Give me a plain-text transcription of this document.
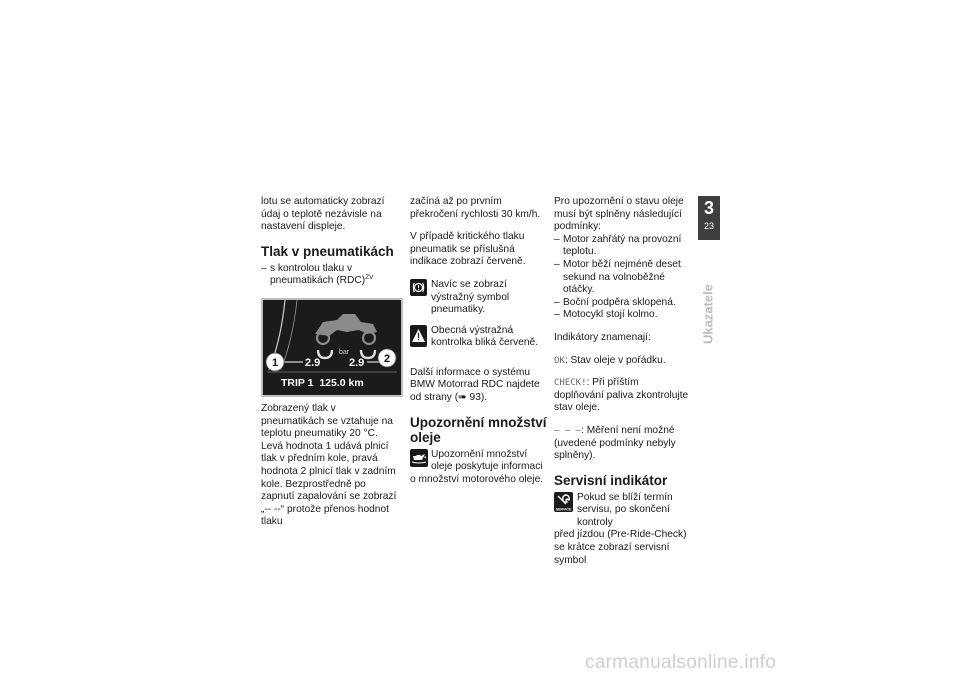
lotu se automaticky zobrazí údaj o teplotě nezávisle na nastavení displeje.

Tlak v pneumatikách
– s kontrolou tlaku v pneumatikách (RDC)$^{ZV}$
bar
2.9	2.9
1	2
TRIP 1  125.0 km

Zobrazený tlak v pneumatikách se vztahuje na teplotu pneumatiky 20 °C. Levá hodnota 1 udává plnicí tlak v předním kole, pravá hodnota 2 plnicí tlak v zadním kole. Bezprostředně po zapnutí zapalování se zobrazí „-- --“ protože přenos hodnot tlaku

začíná až po prvním překročení rychlosti 30 km/h.

V případě kritického tlaku pneumatik se příslušná indikace zobrazí červeně.

Navíc se zobrazí výstražný symbol pneumatiky.
Obecná výstražná kontrolka bliká červeně.

Další informace o systému BMW Motorrad RDC najdete od strany (➠ 93).

Upozornění množství oleje
Upozornění množství oleje poskytuje informaci
o množství motorového oleje.

Pro upozornění o stavu oleje musí být splněny následující podmínky:

– Motor zahřátý na provozní teplotu.
– Motor běží nejméně deset sekund na volnoběžné otáčky.
– Boční podpěra sklopená.
– Motocykl stojí kolmo.

Indikátory znamenají:

OK: Stav oleje v pořádku.

CHECK!: Při příštím doplňování paliva zkontrolujte stav oleje.

– – –: Měření není možné (uvedené podmínky nebyly splněny).

Servisní indikátor
SERVICE
Pokud se blíží termín servisu, po skončení kontroly
před jízdou (Pre-Ride-Check) se krátce zobrazí servisní symbol
3
23
Ukazatele
carmanualsonline.info
